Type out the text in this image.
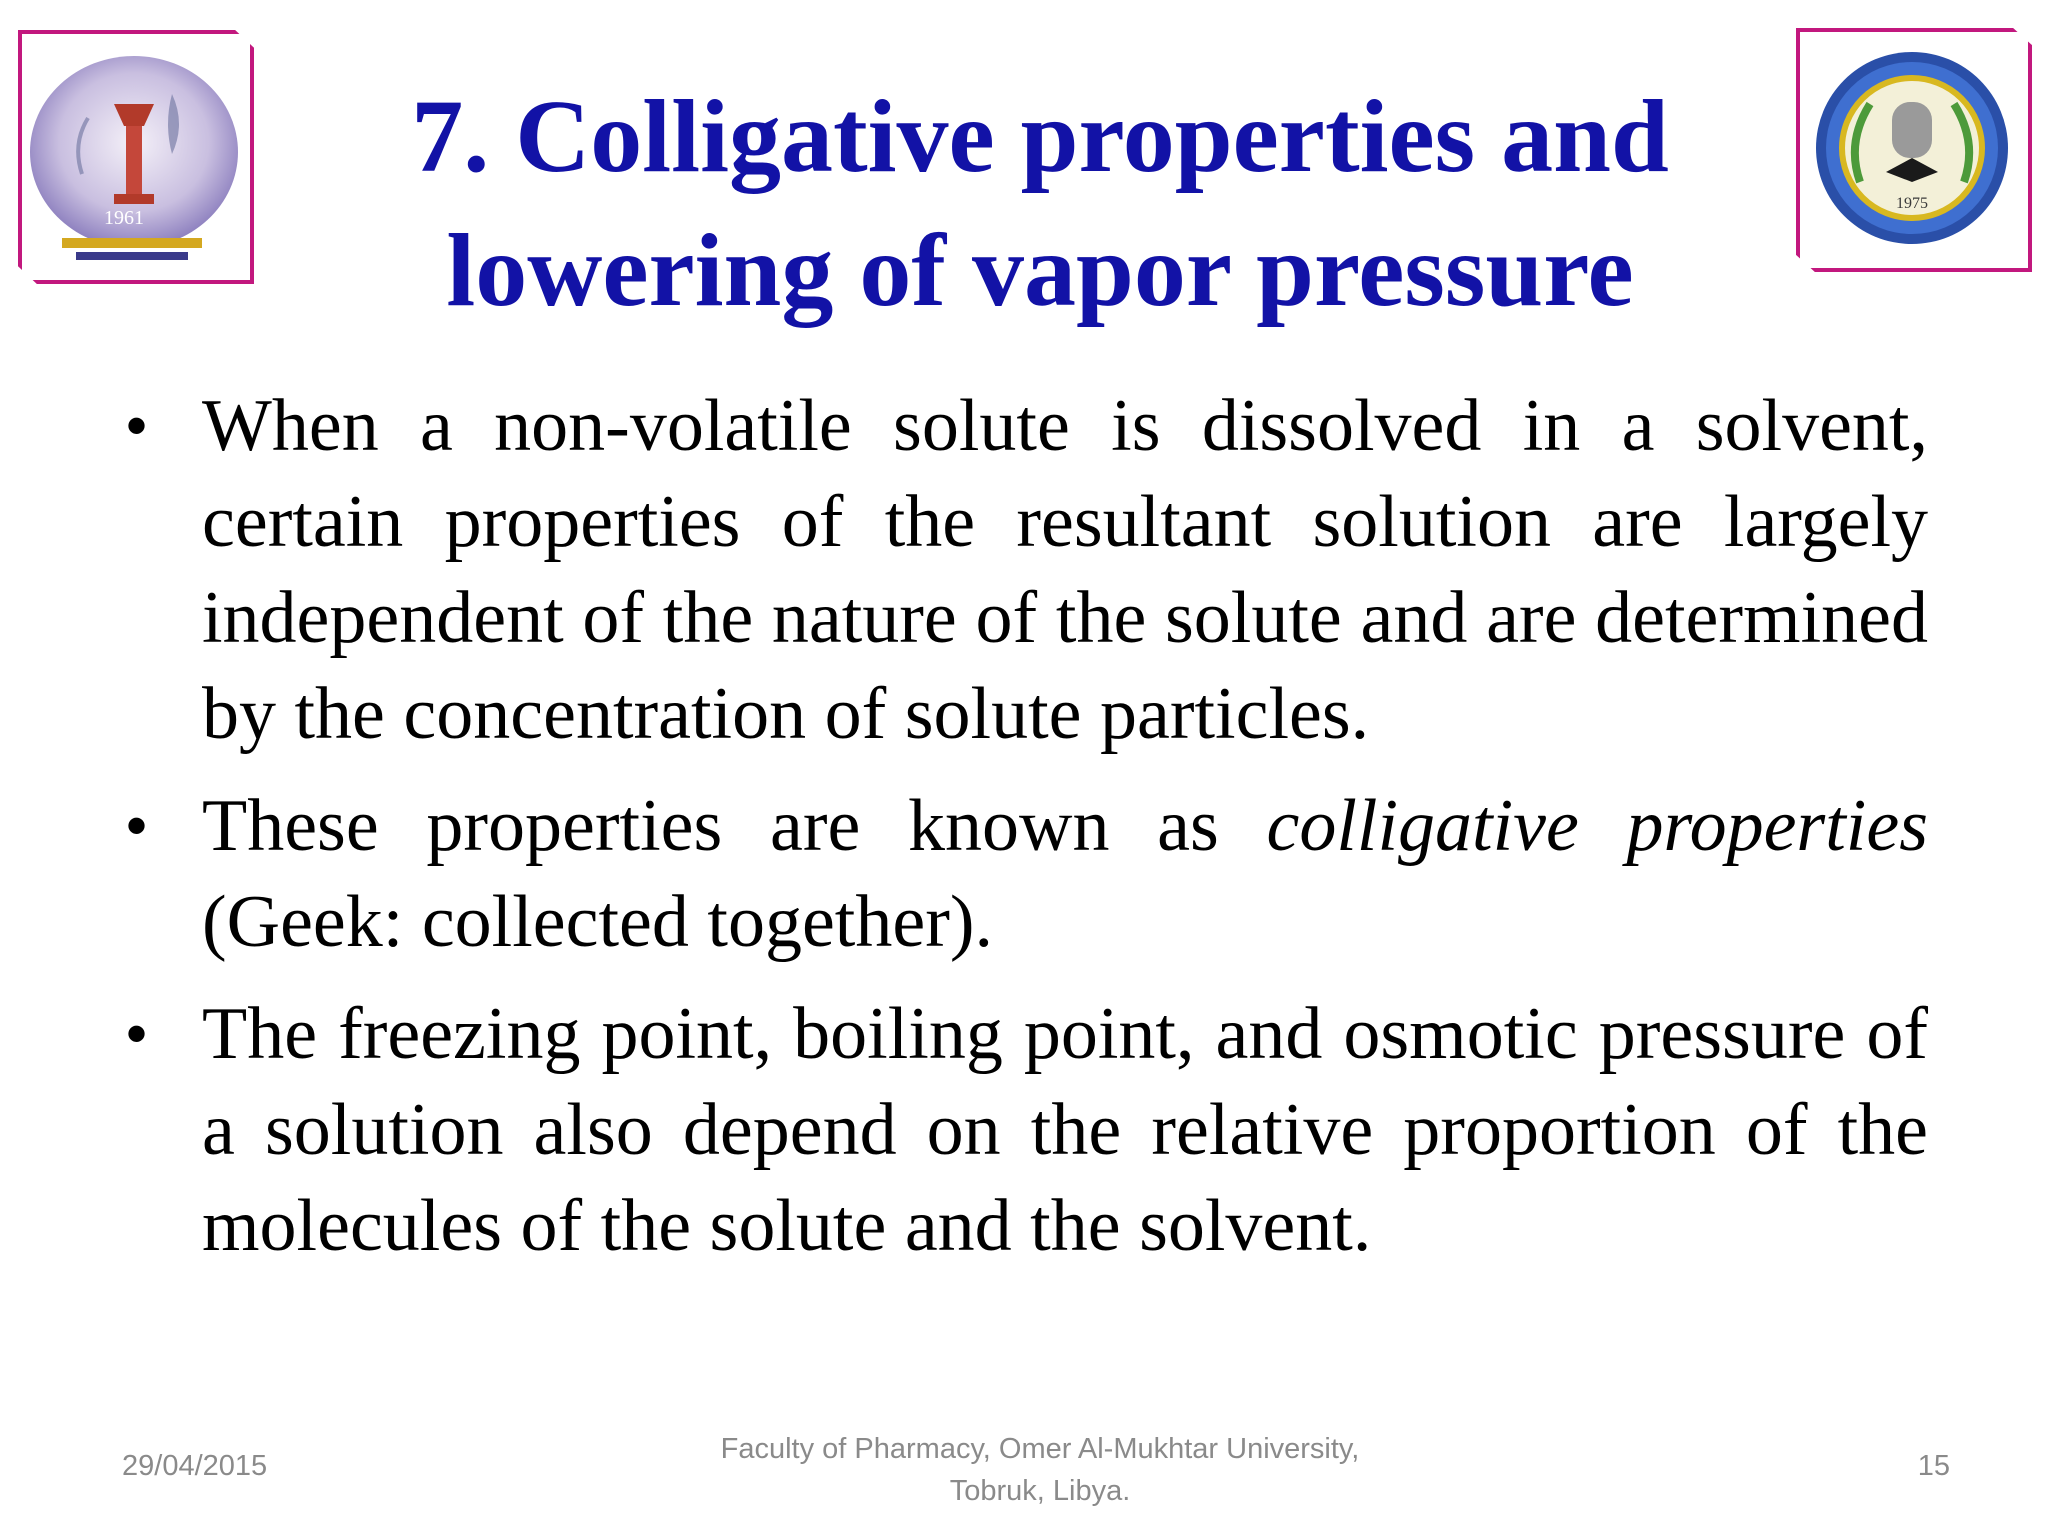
1961
1975
7. Colligative properties and
lowering of vapor pressure
• When a non-volatile solute is dissolved in a solvent, certain properties of the resultant solution are largely independent of the nature of the solute and are determined by the concentration of solute particles.
• These properties are known as colligative properties (Geek: collected together).
• The freezing point, boiling point, and osmotic pressure of a solution also depend on the relative proportion of the molecules of the solute and the solvent.
29/04/2015
Faculty of Pharmacy, Omer Al-Mukhtar University,
Tobruk, Libya.
15
